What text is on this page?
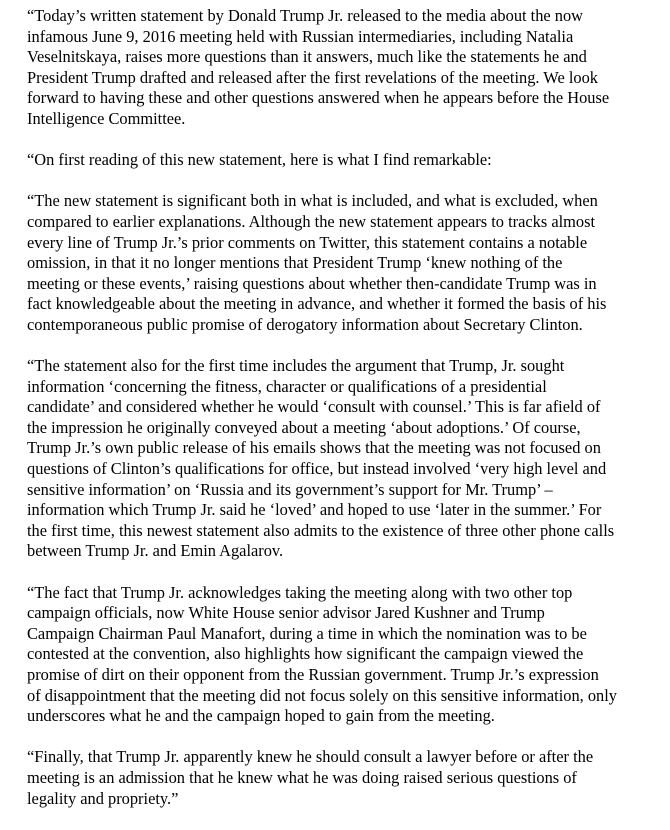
“Today’s written statement by Donald Trump Jr. released to the media about the now
infamous June 9, 2016 meeting held with Russian intermediaries, including Natalia
Veselnitskaya, raises more questions than it answers, much like the statements he and
President Trump drafted and released after the first revelations of the meeting. We look
forward to having these and other questions answered when he appears before the House
Intelligence Committee.

“On first reading of this new statement, here is what I find remarkable:

“The new statement is significant both in what is included, and what is excluded, when
compared to earlier explanations. Although the new statement appears to tracks almost
every line of Trump Jr.’s prior comments on Twitter, this statement contains a notable
omission, in that it no longer mentions that President Trump ‘knew nothing of the
meeting or these events,’ raising questions about whether then-candidate Trump was in
fact knowledgeable about the meeting in advance, and whether it formed the basis of his
contemporaneous public promise of derogatory information about Secretary Clinton.

“The statement also for the first time includes the argument that Trump, Jr. sought
information ‘concerning the fitness, character or qualifications of a presidential
candidate’ and considered whether he would ‘consult with counsel.’ This is far afield of
the impression he originally conveyed about a meeting ‘about adoptions.’ Of course,
Trump Jr.’s own public release of his emails shows that the meeting was not focused on
questions of Clinton’s qualifications for office, but instead involved ‘very high level and
sensitive information’ on ‘Russia and its government’s support for Mr. Trump’ –
information which Trump Jr. said he ‘loved’ and hoped to use ‘later in the summer.’ For
the first time, this newest statement also admits to the existence of three other phone calls
between Trump Jr. and Emin Agalarov.

“The fact that Trump Jr. acknowledges taking the meeting along with two other top
campaign officials, now White House senior advisor Jared Kushner and Trump
Campaign Chairman Paul Manafort, during a time in which the nomination was to be
contested at the convention, also highlights how significant the campaign viewed the
promise of dirt on their opponent from the Russian government. Trump Jr.’s expression
of disappointment that the meeting did not focus solely on this sensitive information, only
underscores what he and the campaign hoped to gain from the meeting.

“Finally, that Trump Jr. apparently knew he should consult a lawyer before or after the
meeting is an admission that he knew what he was doing raised serious questions of
legality and propriety.”
